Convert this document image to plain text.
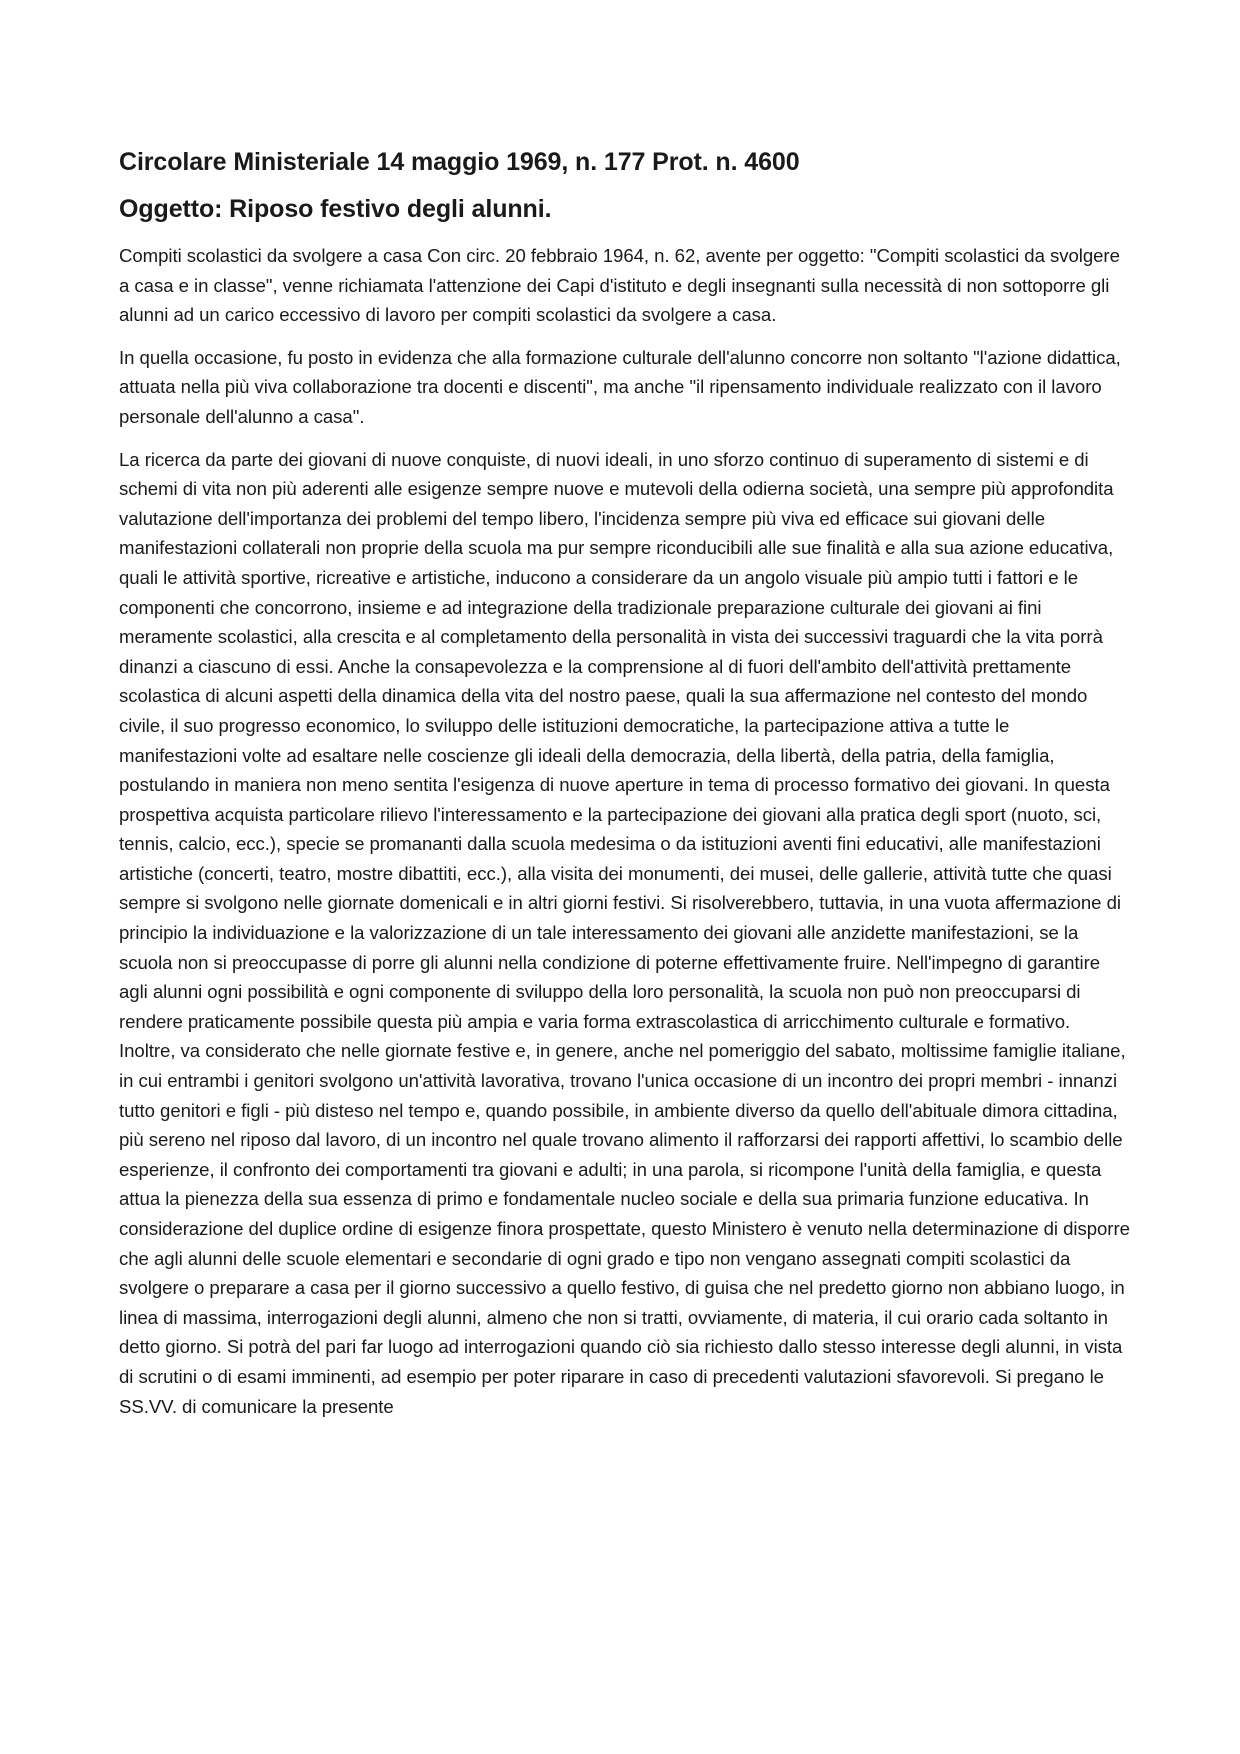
Circolare Ministeriale 14 maggio 1969, n. 177 Prot. n. 4600
Oggetto: Riposo festivo degli alunni.

Compiti scolastici da svolgere a casa Con circ. 20 febbraio 1964, n. 62, avente per oggetto: "Compiti scolastici da svolgere a casa e in classe", venne richiamata l'attenzione dei Capi d'istituto e degli insegnanti sulla necessità di non sottoporre gli alunni ad un carico eccessivo di lavoro per compiti scolastici da svolgere a casa.

In quella occasione, fu posto in evidenza che alla formazione culturale dell'alunno concorre non soltanto "l'azione didattica, attuata nella più viva collaborazione tra docenti e discenti", ma anche "il ripensamento individuale realizzato con il lavoro personale dell'alunno a casa".

La ricerca da parte dei giovani di nuove conquiste, di nuovi ideali, in uno sforzo continuo di superamento di sistemi e di schemi di vita non più aderenti alle esigenze sempre nuove e mutevoli della odierna società, una sempre più approfondita valutazione dell'importanza dei problemi del tempo libero, l'incidenza sempre più viva ed efficace sui giovani delle manifestazioni collaterali non proprie della scuola ma pur sempre riconducibili alle sue finalità e alla sua azione educativa, quali le attività sportive, ricreative e artistiche, inducono a considerare da un angolo visuale più ampio tutti i fattori e le componenti che concorrono, insieme e ad integrazione della tradizionale preparazione culturale dei giovani ai fini meramente scolastici, alla crescita e al completamento della personalità in vista dei successivi traguardi che la vita porrà dinanzi a ciascuno di essi. Anche la consapevolezza e la comprensione al di fuori dell'ambito dell'attività prettamente scolastica di alcuni aspetti della dinamica della vita del nostro paese, quali la sua affermazione nel contesto del mondo civile, il suo progresso economico, lo sviluppo delle istituzioni democratiche, la partecipazione attiva a tutte le manifestazioni volte ad esaltare nelle coscienze gli ideali della democrazia, della libertà, della patria, della famiglia, postulando in maniera non meno sentita l'esigenza di nuove aperture in tema di processo formativo dei giovani. In questa prospettiva acquista particolare rilievo l'interessamento e la partecipazione dei giovani alla pratica degli sport (nuoto, sci, tennis, calcio, ecc.), specie se promananti dalla scuola medesima o da istituzioni aventi fini educativi, alle manifestazioni artistiche (concerti, teatro, mostre dibattiti, ecc.), alla visita dei monumenti, dei musei, delle gallerie, attività tutte che quasi sempre si svolgono nelle giornate domenicali e in altri giorni festivi. Si risolverebbero, tuttavia, in una vuota affermazione di principio la individuazione e la valorizzazione di un tale interessamento dei giovani alle anzidette manifestazioni, se la scuola non si preoccupasse di porre gli alunni nella condizione di poterne effettivamente fruire. Nell'impegno di garantire agli alunni ogni possibilità e ogni componente di sviluppo della loro personalità, la scuola non può non preoccuparsi di rendere praticamente possibile questa più ampia e varia forma extrascolastica di arricchimento culturale e formativo. Inoltre, va considerato che nelle giornate festive e, in genere, anche nel pomeriggio del sabato, moltissime famiglie italiane, in cui entrambi i genitori svolgono un'attività lavorativa, trovano l'unica occasione di un incontro dei propri membri - innanzi tutto genitori e figli - più disteso nel tempo e, quando possibile, in ambiente diverso da quello dell'abituale dimora cittadina, più sereno nel riposo dal lavoro, di un incontro nel quale trovano alimento il rafforzarsi dei rapporti affettivi, lo scambio delle esperienze, il confronto dei comportamenti tra giovani e adulti; in una parola, si ricompone l'unità della famiglia, e questa attua la pienezza della sua essenza di primo e fondamentale nucleo sociale e della sua primaria funzione educativa. In considerazione del duplice ordine di esigenze finora prospettate, questo Ministero è venuto nella determinazione di disporre che agli alunni delle scuole elementari e secondarie di ogni grado e tipo non vengano assegnati compiti scolastici da svolgere o preparare a casa per il giorno successivo a quello festivo, di guisa che nel predetto giorno non abbiano luogo, in linea di massima, interrogazioni degli alunni, almeno che non si tratti, ovviamente, di materia, il cui orario cada soltanto in detto giorno. Si potrà del pari far luogo ad interrogazioni quando ciò sia richiesto dallo stesso interesse degli alunni, in vista di scrutini o di esami imminenti, ad esempio per poter riparare in caso di precedenti valutazioni sfavorevoli. Si pregano le SS.VV. di comunicare la presente
